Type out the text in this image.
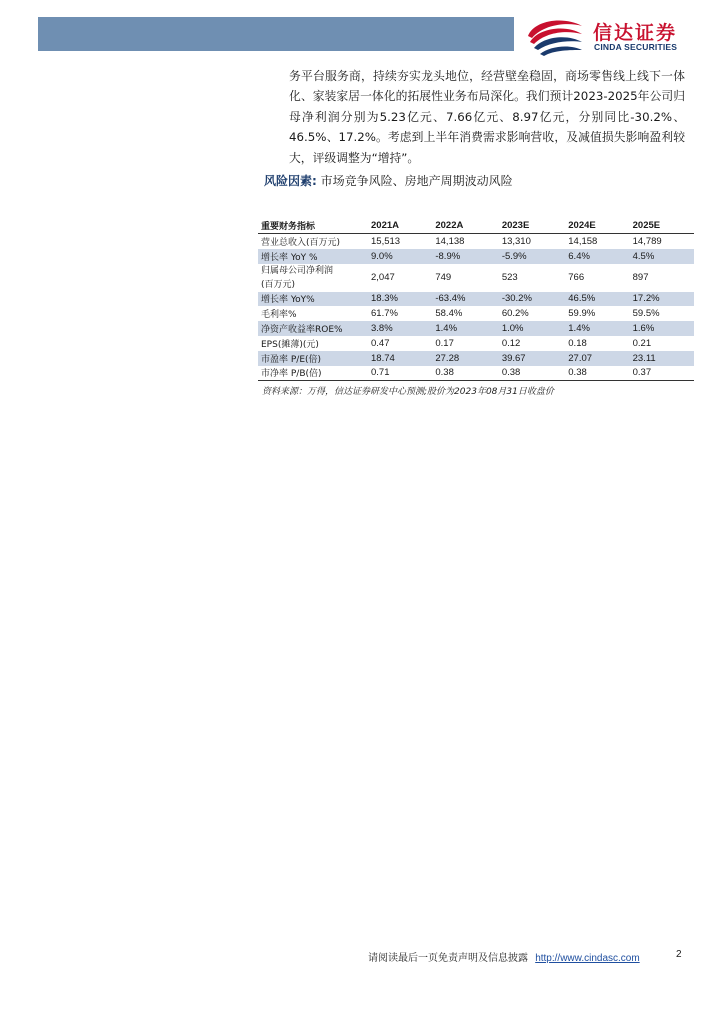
信达证券
CINDA SECURITIES

务平台服务商，持续夯实龙头地位，经营壁垒稳固，商场零售线上线下一体化、家装家居一体化的拓展性业务布局深化。我们预计2023-2025年公司归母净利润分别为5.23亿元、7.66亿元、8.97亿元，分别同比-30.2%、46.5%、17.2%。考虑到上半年消费需求影响营收，及减值损失影响盈利较大，评级调整为“增持”。

风险因素: 市场竞争风险、房地产周期波动风险
重要财务指标	2021A	2022A	2023E	2024E	2025E
营业总收入(百万元)	15,513	14,138	13,310	14,158	14,789
增长率 YoY %	9.0%	-8.9%	-5.9%	6.4%	4.5%
归属母公司净利润
(百万元)	2,047	749	523	766	897
增长率 YoY%	18.3%	-63.4%	-30.2%	46.5%	17.2%
毛利率%	61.7%	58.4%	60.2%	59.9%	59.5%
净资产收益率ROE%	3.8%	1.4%	1.0%	1.4%	1.6%
EPS(摊薄)(元)	0.47	0.17	0.12	0.18	0.21
市盈率 P/E(倍)	18.74	27.28	39.67	27.07	23.11
市净率 P/B(倍)	0.71	0.38	0.38	0.38	0.37
资料来源：万得，信达证券研发中心预测;股价为2023年08月31日收盘价
请阅读最后一页免责声明及信息披露 http://www.cindasc.com	2
